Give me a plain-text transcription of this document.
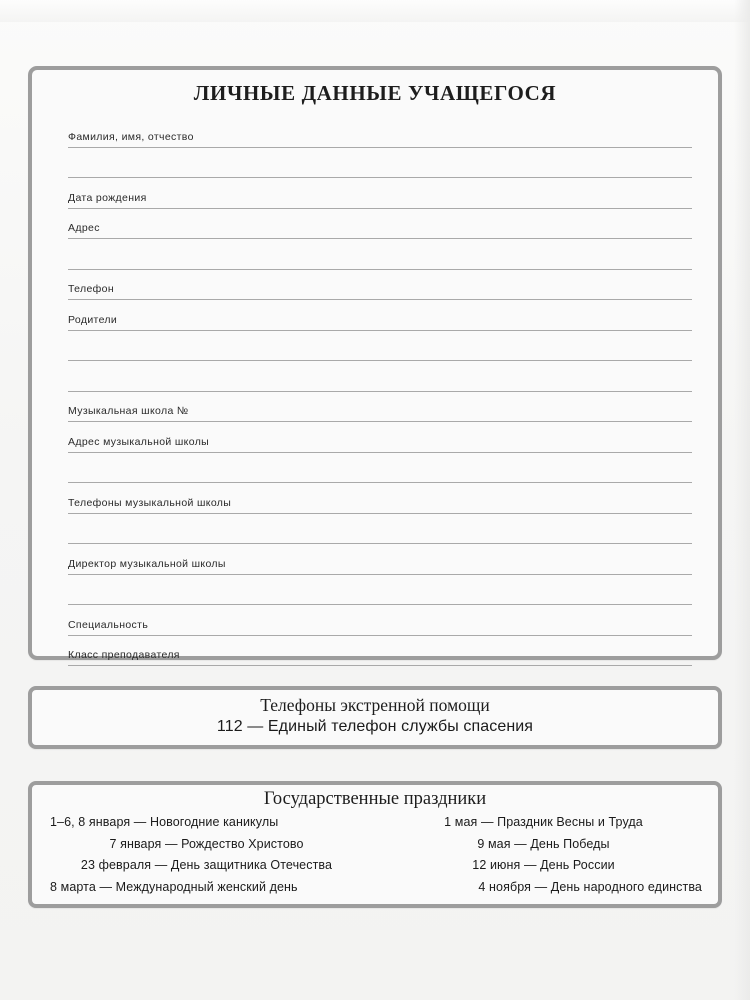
ЛИЧНЫЕ ДАННЫЕ УЧАЩЕГОСЯ
Фамилия, имя, отчество
Дата рождения
Адрес
Телефон
Родители
Музыкальная школа №
Адрес музыкальной школы
Телефоны музыкальной школы
Директор музыкальной школы
Специальность
Класс преподавателя
Телефоны экстренной помощи
112 — Единый телефон службы спасения
Государственные праздники
1–6, 8 января — Новогодние каникулы
7 января — Рождество Христово
23 февраля — День защитника Отечества
8 марта — Международный женский день
1 мая — Праздник Весны и Труда
9 мая — День Победы
12 июня — День России
4 ноября — День народного единства
